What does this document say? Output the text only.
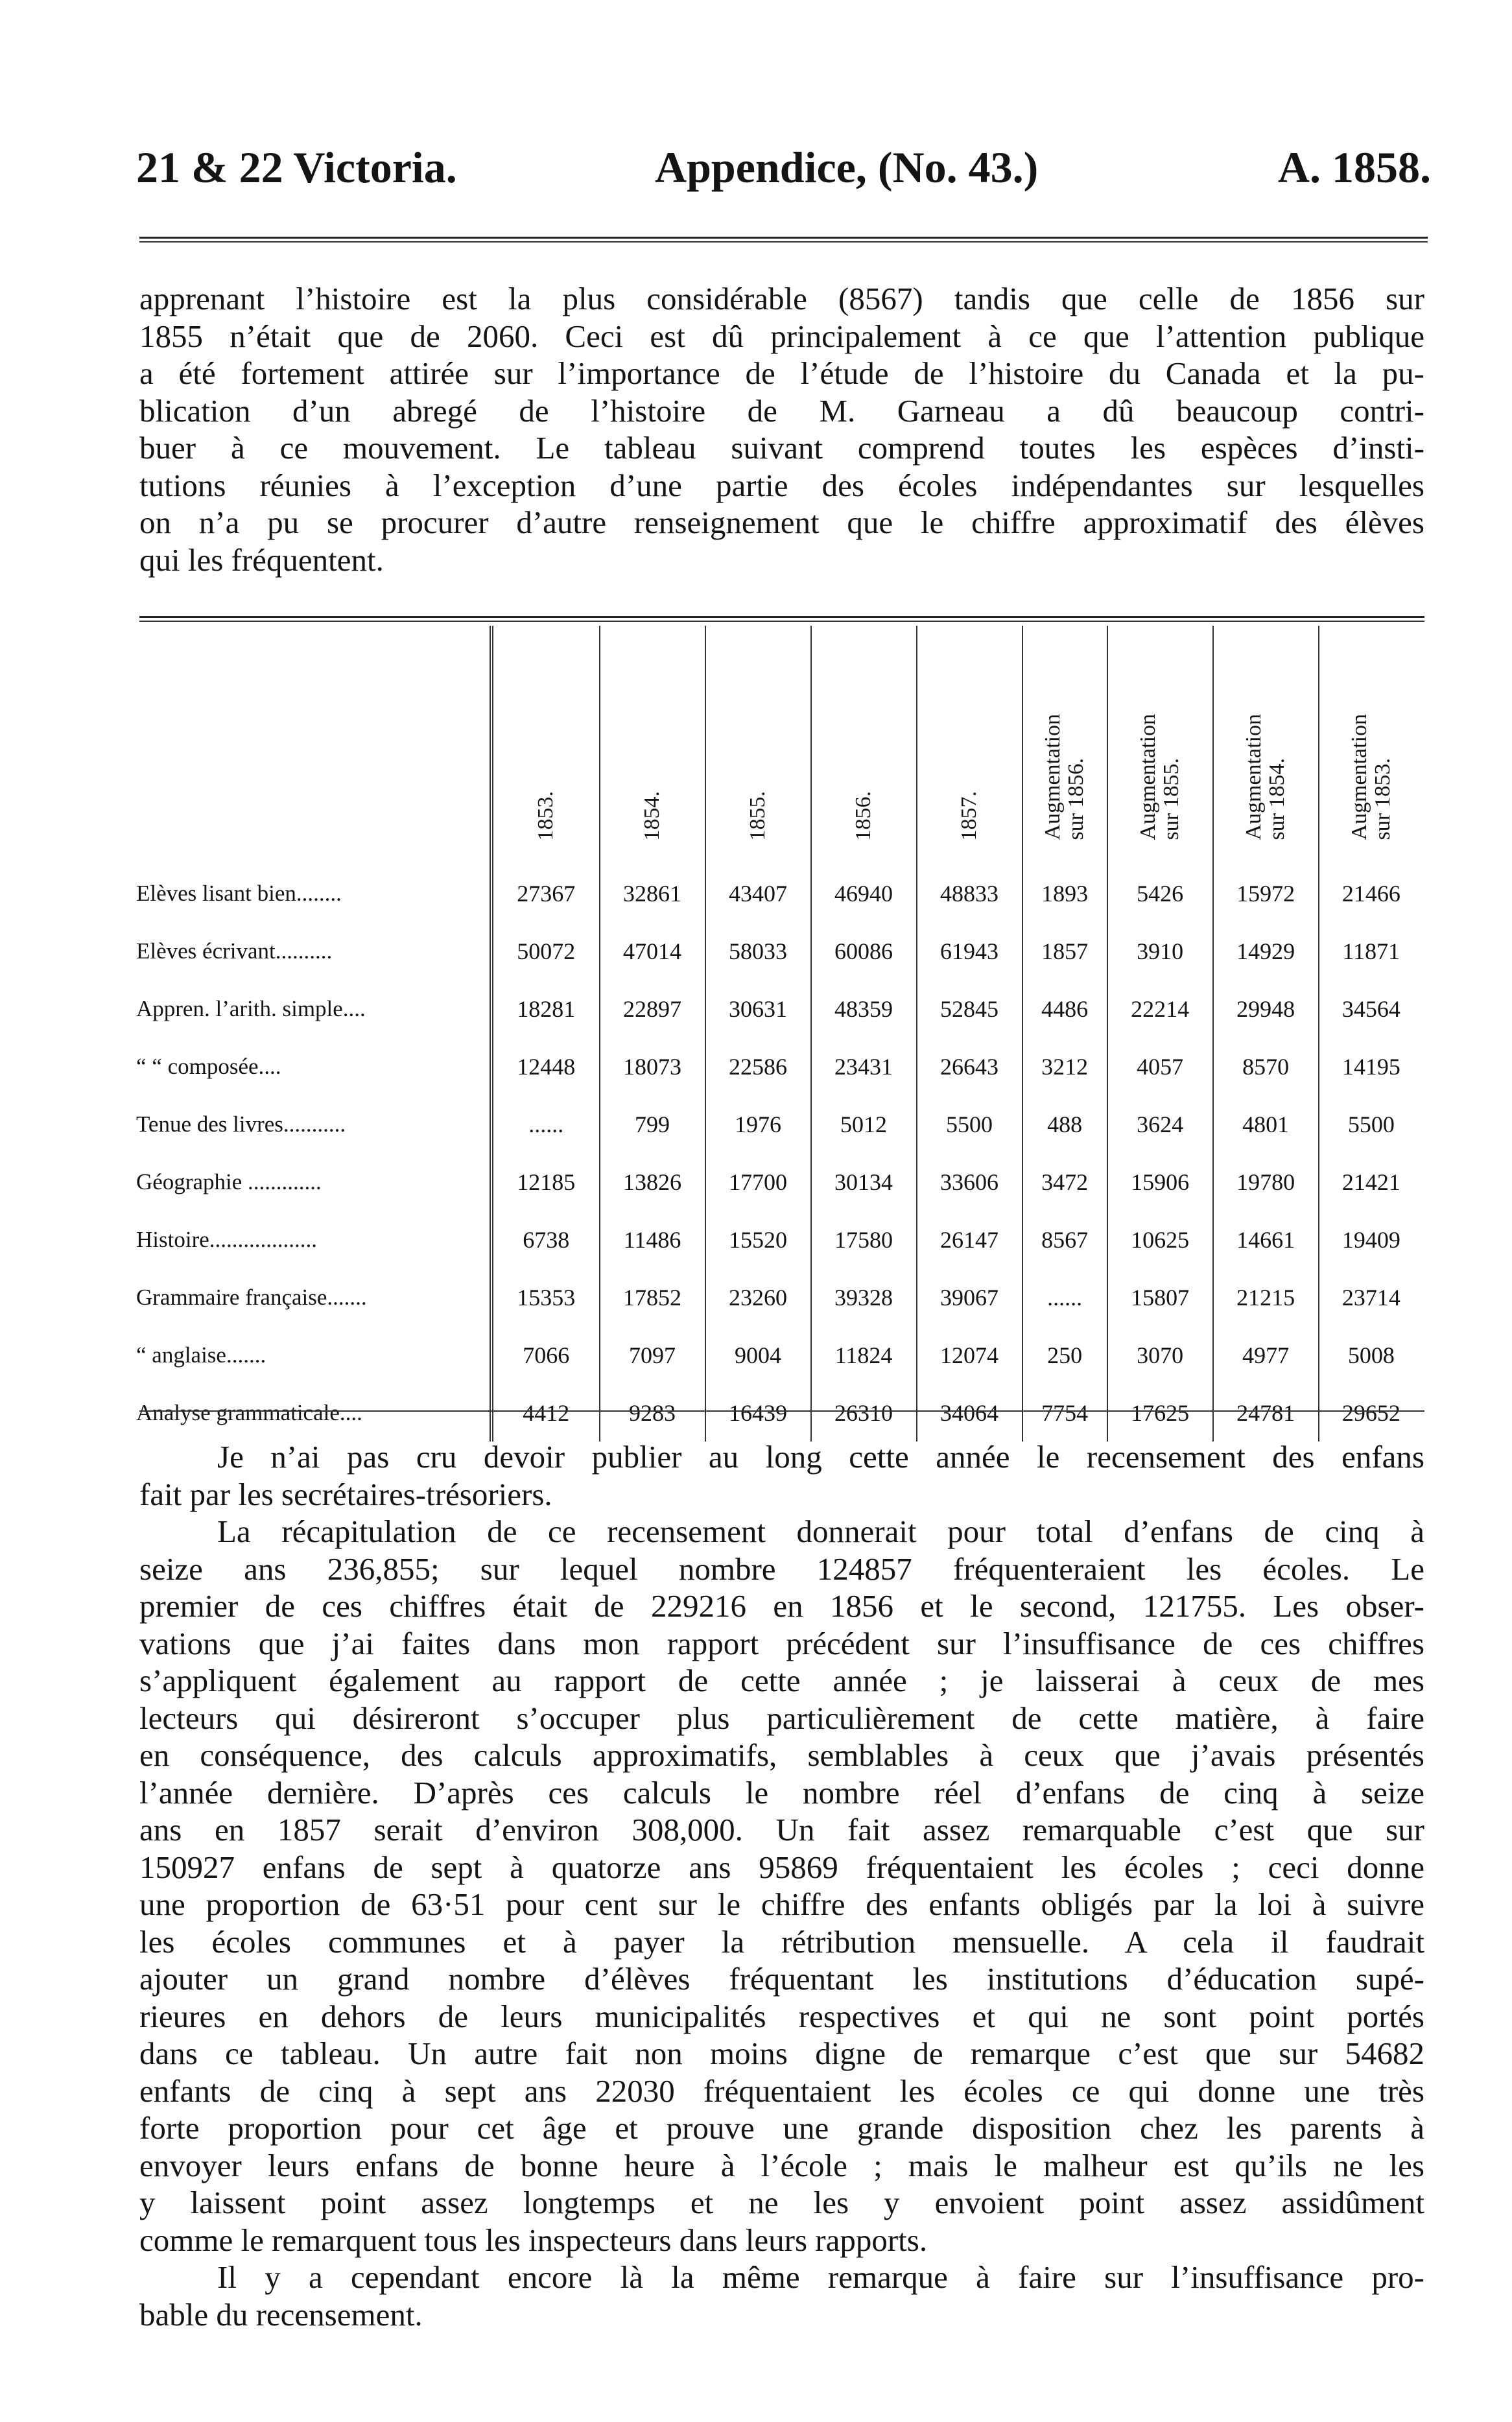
21 & 22 Victoria.	Appendice, (No. 43.)	A. 1858.
apprenant l’histoire est la plus considérable (8567) tandis que celle de 1856 sur
1855 n’était que de 2060. Ceci est dû principalement à ce que l’attention publique
a été fortement attirée sur l’importance de l’étude de l’histoire du Canada et la pu-
blication d’un abregé de l’histoire de M. Garneau a dû beaucoup contri-
buer à ce mouvement. Le tableau suivant comprend toutes les espèces d’insti-
tutions réunies à l’exception d’une partie des écoles indépendantes sur lesquelles
on n’a pu se procurer d’autre renseignement que le chiffre approximatif des élèves
qui les fréquentent.
	1853.	1854.	1855.	1856.	1857.	Augmentation
sur 1856.	Augmentation
sur 1855.	Augmentation
sur 1854.	Augmentation
sur 1853.
Elèves lisant bien........	27367	32861	43407	46940	48833	1893	5426	15972	21466
Elèves écrivant..........	50072	47014	58033	60086	61943	1857	3910	14929	11871
Appren. l’arith. simple....	18281	22897	30631	48359	52845	4486	22214	29948	34564
“ “ composée....	12448	18073	22586	23431	26643	3212	4057	8570	14195
Tenue des livres...........	......	799	1976	5012	5500	488	3624	4801	5500
Géographie .............	12185	13826	17700	30134	33606	3472	15906	19780	21421
Histoire...................	6738	11486	15520	17580	26147	8567	10625	14661	19409
Grammaire française.......	15353	17852	23260	39328	39067	......	15807	21215	23714
“ anglaise.......	7066	7097	9004	11824	12074	250	3070	4977	5008
Analyse grammaticale....	4412	9283	16439	26310	34064	7754	17625	24781	29652
Je n’ai pas cru devoir publier au long cette année le recensement des enfans
fait par les secrétaires-trésoriers.
La récapitulation de ce recensement donnerait pour total d’enfans de cinq à
seize ans 236,855; sur lequel nombre 124857 fréquenteraient les écoles. Le
premier de ces chiffres était de 229216 en 1856 et le second, 121755. Les obser-
vations que j’ai faites dans mon rapport précédent sur l’insuffisance de ces chiffres
s’appliquent également au rapport de cette année ; je laisserai à ceux de mes
lecteurs qui désireront s’occuper plus particulièrement de cette matière, à faire
en conséquence, des calculs approximatifs, semblables à ceux que j’avais présentés
l’année dernière. D’après ces calculs le nombre réel d’enfans de cinq à seize
ans en 1857 serait d’environ 308,000. Un fait assez remarquable c’est que sur
150927 enfans de sept à quatorze ans 95869 fréquentaient les écoles ; ceci donne
une proportion de 63·51 pour cent sur le chiffre des enfants obligés par la loi à suivre
les écoles communes et à payer la rétribution mensuelle. A cela il faudrait
ajouter un grand nombre d’élèves fréquentant les institutions d’éducation supé-
rieures en dehors de leurs municipalités respectives et qui ne sont point portés
dans ce tableau. Un autre fait non moins digne de remarque c’est que sur 54682
enfants de cinq à sept ans 22030 fréquentaient les écoles ce qui donne une très
forte proportion pour cet âge et prouve une grande disposition chez les parents à
envoyer leurs enfans de bonne heure à l’école ; mais le malheur est qu’ils ne les
y laissent point assez longtemps et ne les y envoient point assez assidûment
comme le remarquent tous les inspecteurs dans leurs rapports.
Il y a cependant encore là la même remarque à faire sur l’insuffisance pro-
bable du recensement.
